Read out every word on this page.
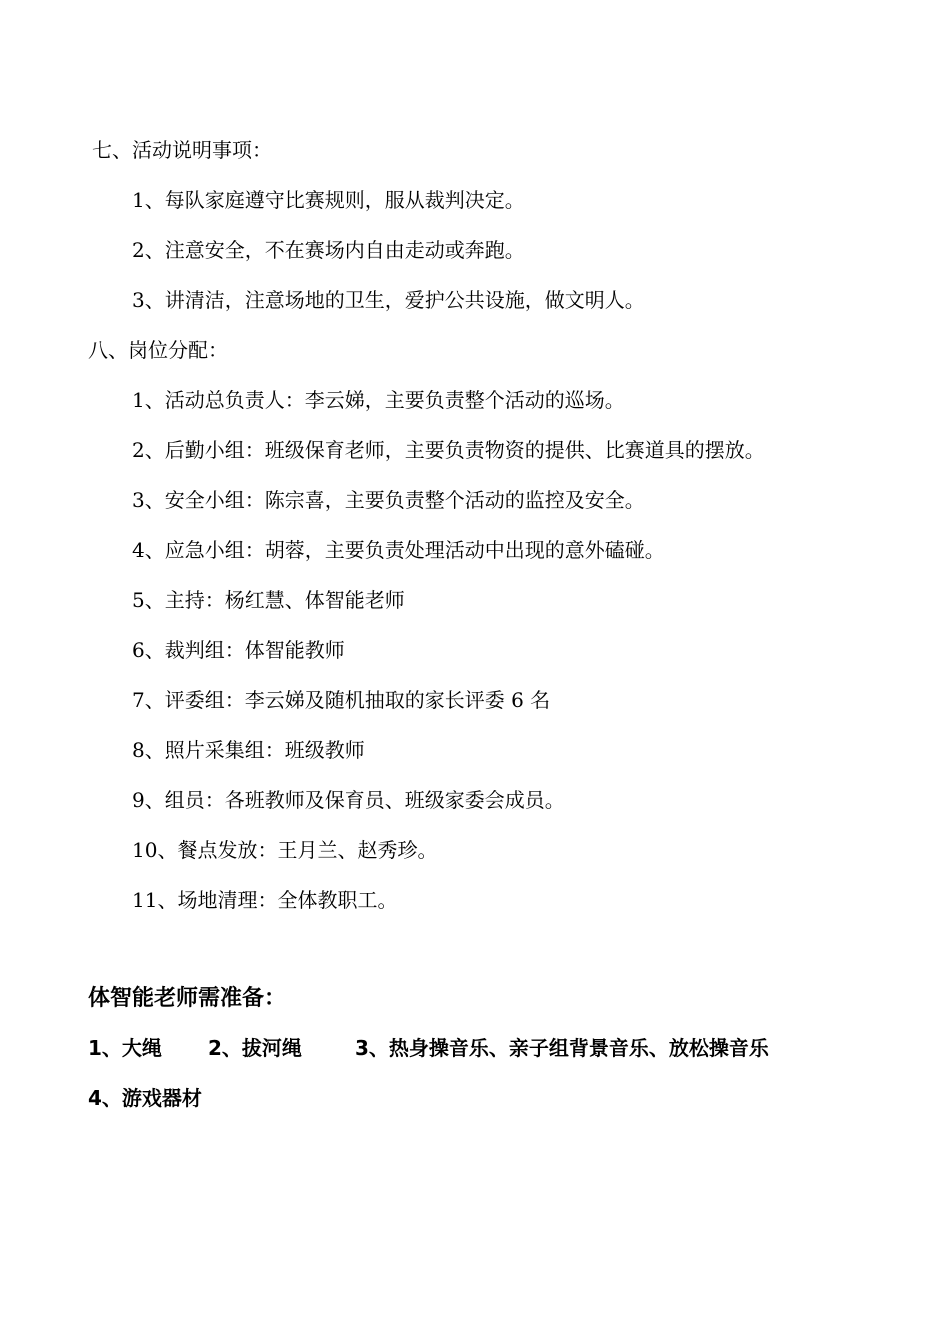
七、活动说明事项：
1、每队家庭遵守比赛规则，服从裁判决定。
2、注意安全，不在赛场内自由走动或奔跑。
3、讲清洁，注意场地的卫生，爱护公共设施，做文明人。
八、岗位分配：
1、活动总负责人：李云娣，主要负责整个活动的巡场。
2、后勤小组：班级保育老师，主要负责物资的提供、比赛道具的摆放。
3、安全小组：陈宗喜，主要负责整个活动的监控及安全。
4、应急小组：胡蓉，主要负责处理活动中出现的意外磕碰。
5、主持：杨红慧、体智能老师
6、裁判组：体智能教师
7、评委组：李云娣及随机抽取的家长评委 6 名
8、照片采集组：班级教师
9、组员：各班教师及保育员、班级家委会成员。
10、餐点发放：王月兰、赵秀珍。
11、场地清理：全体教职工。
体智能老师需准备：
1、大绳 2、拔河绳	3、热身操音乐、亲子组背景音乐、放松操音乐
4、游戏器材
